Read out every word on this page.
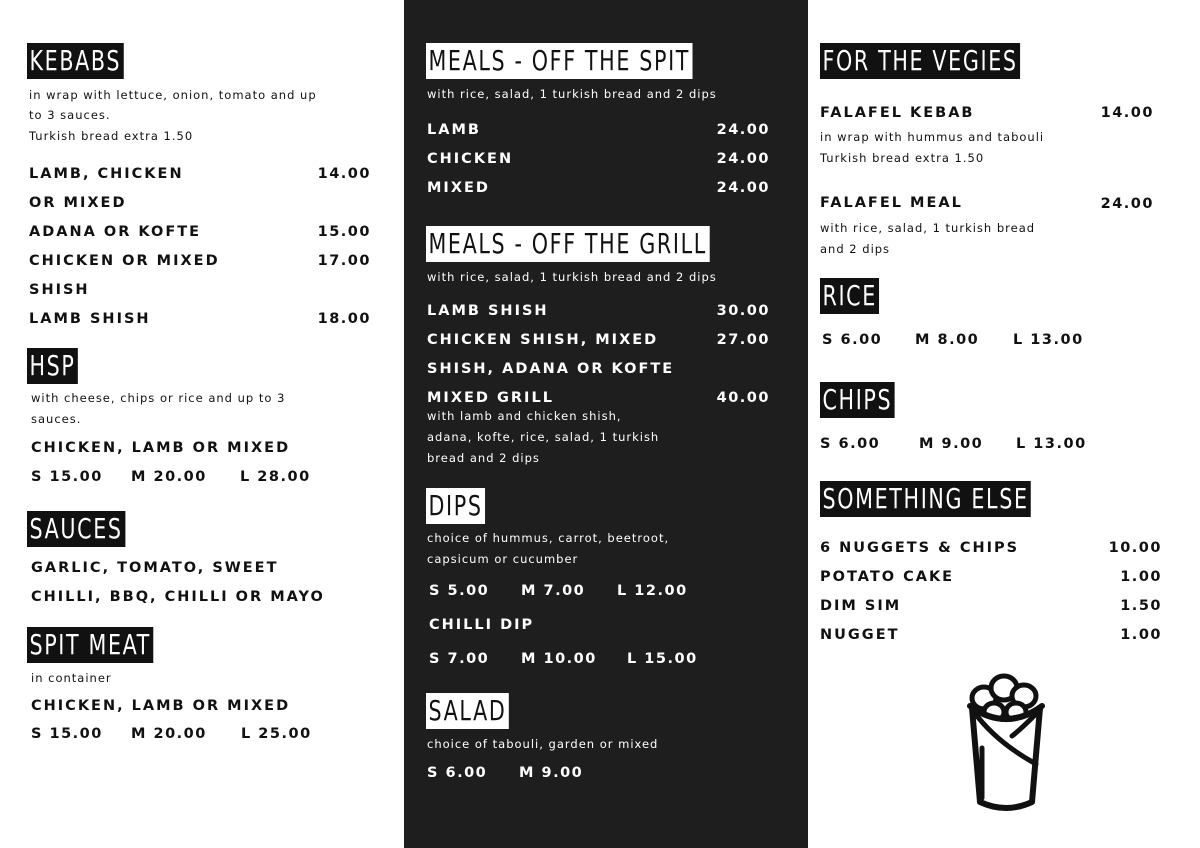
KEBABS
in wrap with lettuce, onion, tomato and up
to 3 sauces.
Turkish bread extra 1.50
LAMB, CHICKEN	14.00
OR MIXED
ADANA OR KOFTE	15.00
CHICKEN OR MIXED	17.00
SHISH
LAMB SHISH	18.00
HSP
with cheese, chips or rice and up to 3
sauces.
CHICKEN, LAMB OR MIXED
S 15.00 M 20.00 L 28.00
SAUCES
GARLIC, TOMATO, SWEET
CHILLI, BBQ, CHILLI OR MAYO
SPIT MEAT
in container
CHICKEN, LAMB OR MIXED
S 15.00 M 20.00 L 25.00
MEALS - OFF THE SPIT
with rice, salad, 1 turkish bread and 2 dips
LAMB	24.00
CHICKEN	24.00
MIXED	24.00
MEALS - OFF THE GRILL
with rice, salad, 1 turkish bread and 2 dips
LAMB SHISH	30.00
CHICKEN SHISH, MIXED	27.00
SHISH, ADANA OR KOFTE
MIXED GRILL	40.00
with lamb and chicken shish,
adana, kofte, rice, salad, 1 turkish
bread and 2 dips
DIPS
choice of hummus, carrot, beetroot,
capsicum or cucumber
S 5.00 M 7.00 L 12.00
CHILLI DIP
S 7.00 M 10.00 L 15.00
SALAD
choice of tabouli, garden or mixed
S 6.00 M 9.00
FOR THE VEGIES
FALAFEL KEBAB	14.00
in wrap with hummus and tabouli
Turkish bread extra 1.50
FALAFEL MEAL	24.00
with rice, salad, 1 turkish bread
and 2 dips
RICE
S 6.00 M 8.00 L 13.00
CHIPS
S 6.00	M 9.00 L 13.00
SOMETHING ELSE
6 NUGGETS & CHIPS	10.00
POTATO CAKE	1.00
DIM SIM	1.50
NUGGET	1.00
